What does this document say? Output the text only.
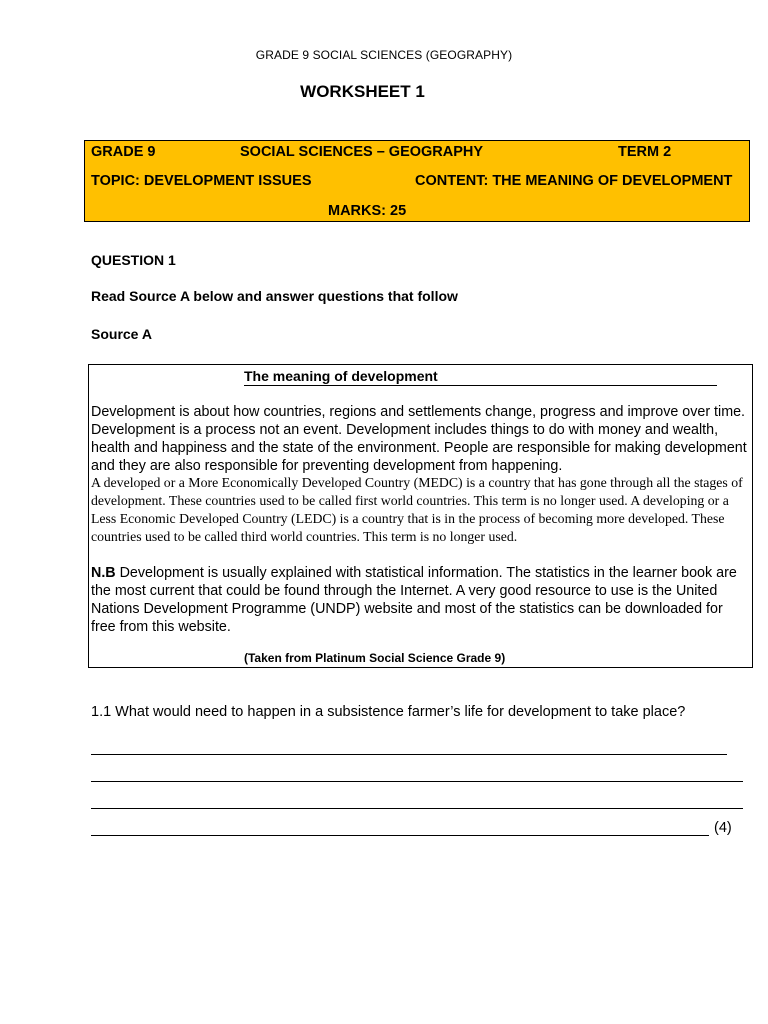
GRADE 9 SOCIAL SCIENCES (GEOGRAPHY)
WORKSHEET 1
GRADE 9	SOCIAL SCIENCES – GEOGRAPHY	TERM 2
TOPIC: DEVELOPMENT ISSUES	CONTENT: THE MEANING OF DEVELOPMENT
MARKS: 25
QUESTION 1
Read Source A below and answer questions that follow
Source A
The meaning of development

Development is about how countries, regions and settlements change, progress and improve over time. Development is a process not an event. Development includes things to do with money and wealth, health and happiness and the state of the environment. People are responsible for making development and they are also responsible for preventing development from happening.

A developed or a More Economically Developed Country (MEDC) is a country that has gone through all the stages of development. These countries used to be called first world countries. This term is no longer used. A developing or a Less Economic Developed Country (LEDC) is a country that is in the process of becoming more developed. These countries used to be called third world countries. This term is no longer used.

N.B Development is usually explained with statistical information. The statistics in the learner book are the most current that could be found through the Internet. A very good resource to use is the United Nations Development Programme (UNDP) website and most of the statistics can be downloaded for free from this website.

(Taken from Platinum Social Science Grade 9)
1.1 What would need to happen in a subsistence farmer’s life for development to take place?
(4)
